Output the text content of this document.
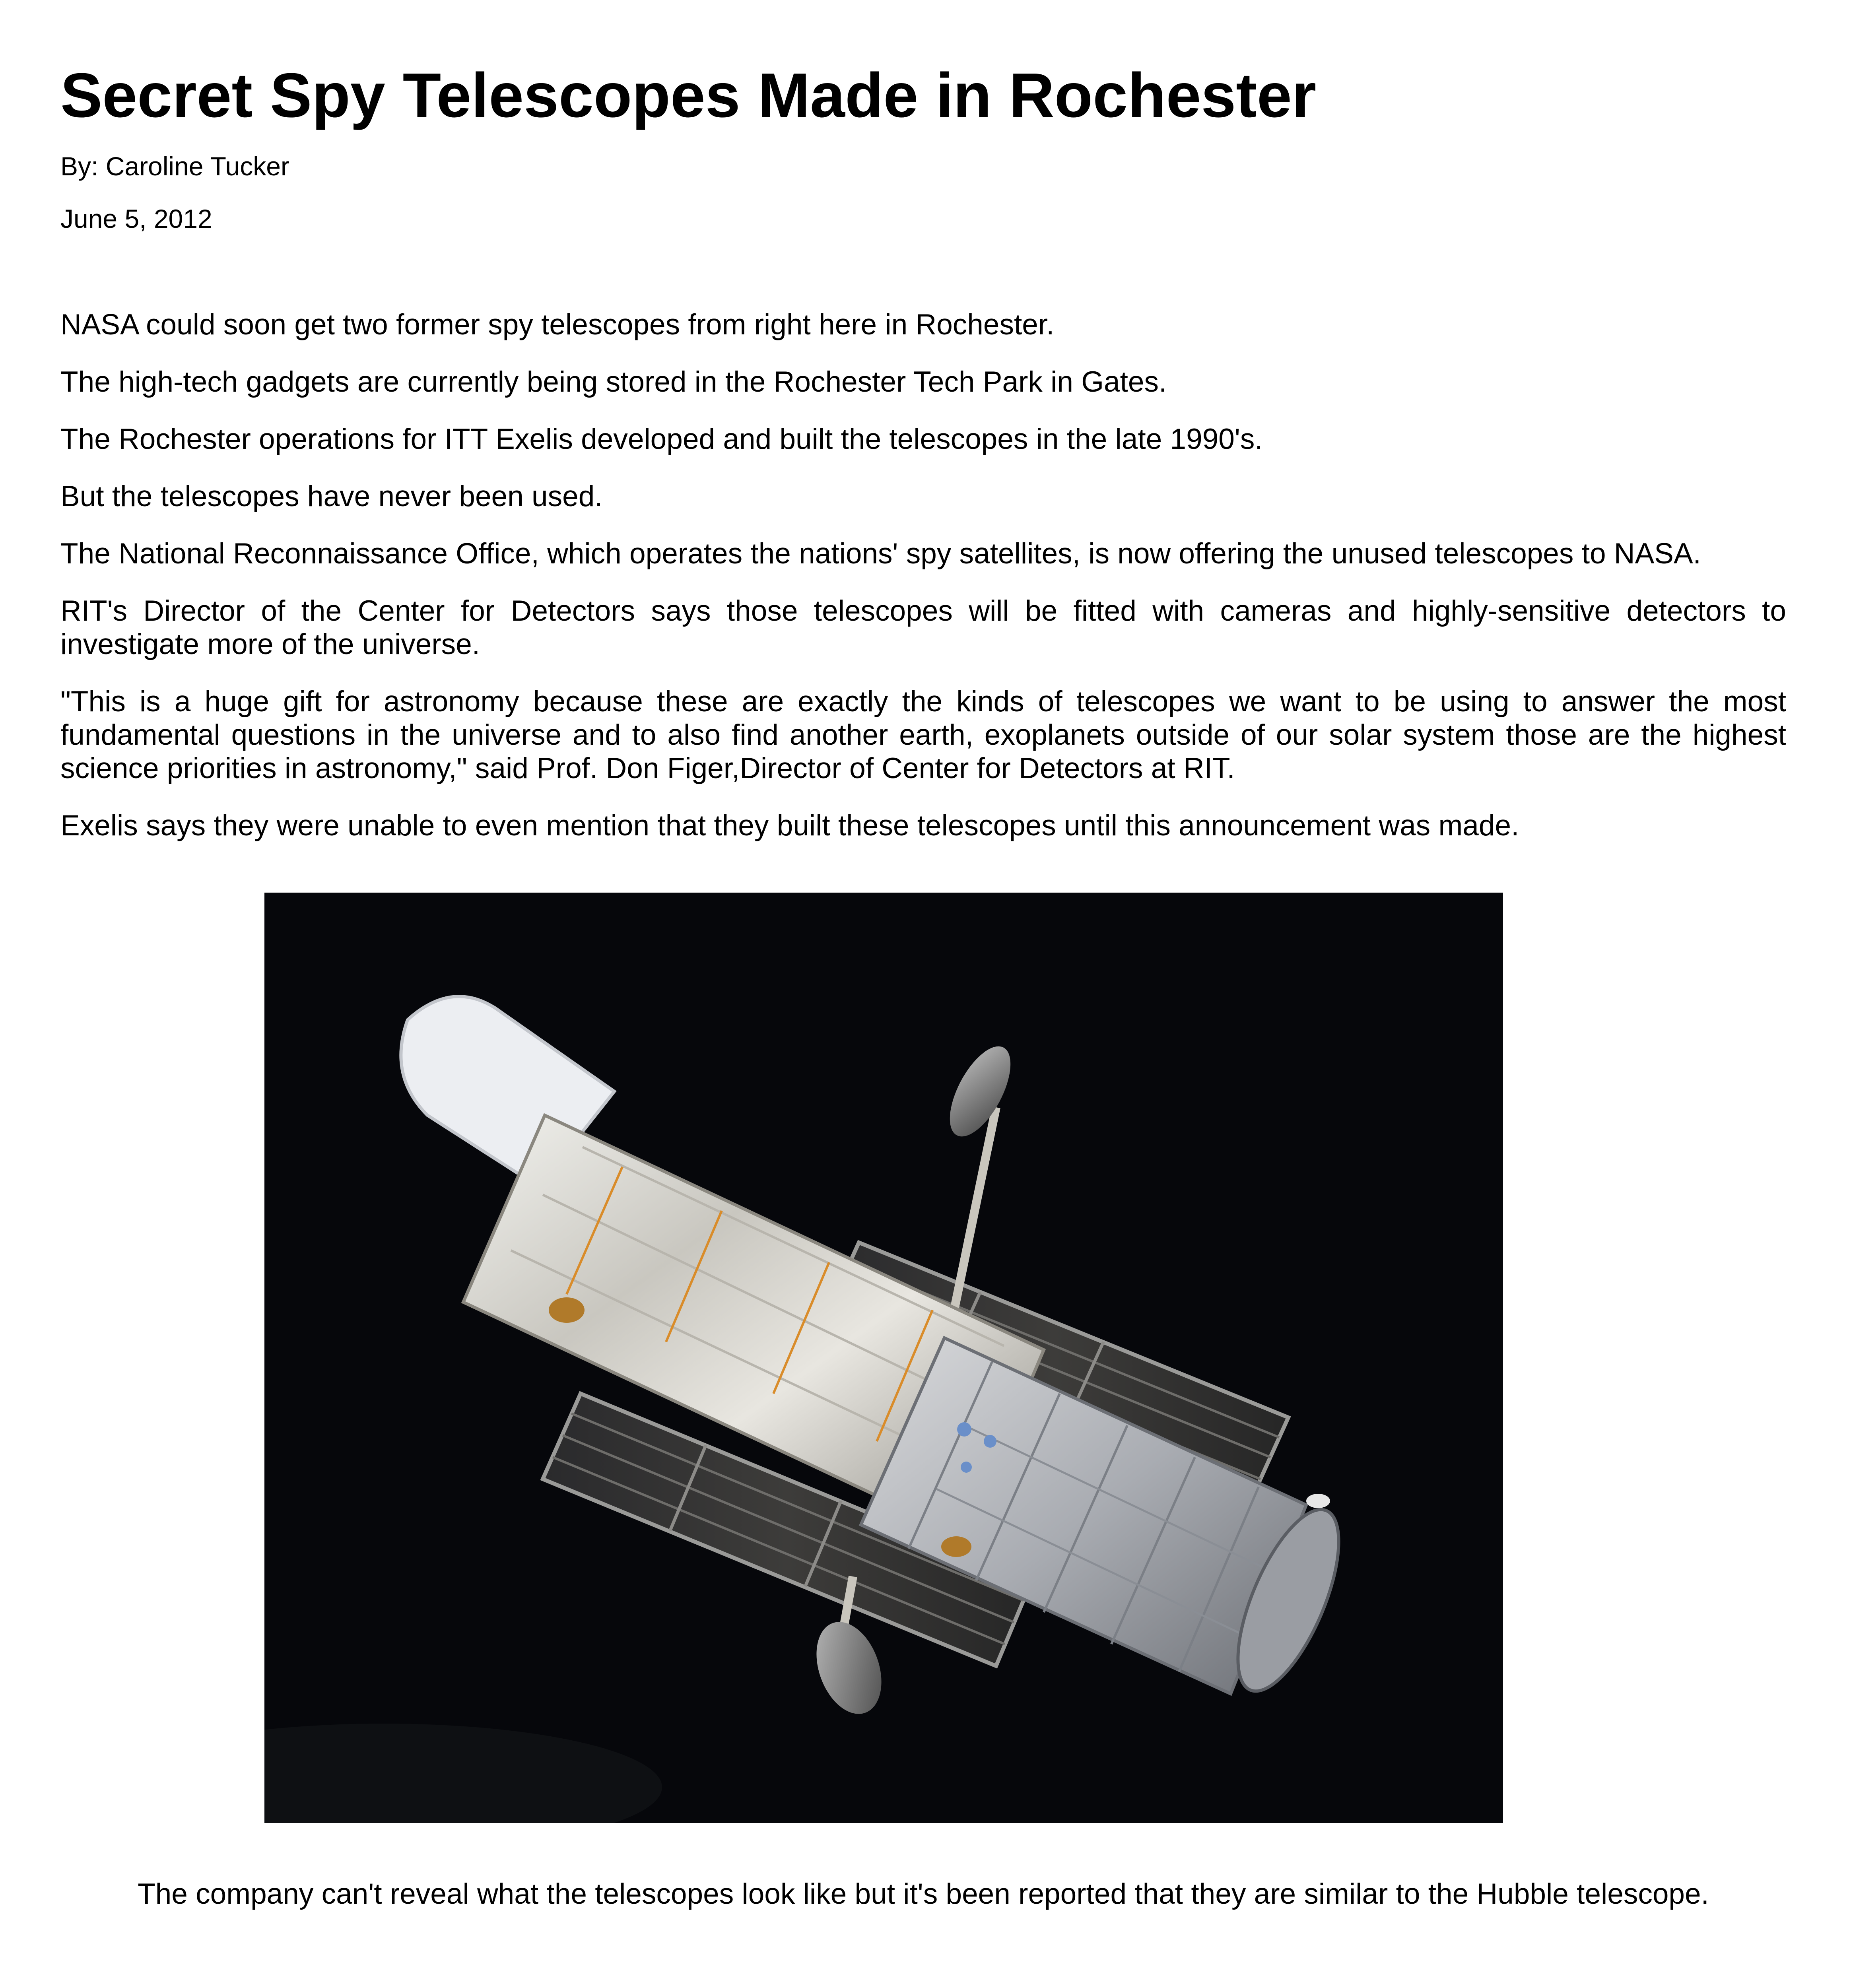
Secret Spy Telescopes Made in Rochester
By: Caroline Tucker
June 5, 2012

NASA could soon get two former spy telescopes from right here in Rochester.

The high-tech gadgets are currently being stored in the Rochester Tech Park in Gates.

The Rochester operations for ITT Exelis developed and built the telescopes in the late 1990's.

But the telescopes have never been used.

The National Reconnaissance Office, which operates the nations' spy satellites, is now offering the unused telescopes to NASA.

RIT's Director of the Center for Detectors says those telescopes will be fitted with cameras and highly-sensitive detectors to investigate more of the universe.

"This is a huge gift for astronomy because these are exactly the kinds of telescopes we want to be using to answer the most fundamental questions in the universe and to also find another earth, exoplanets outside of our solar system those are the highest science priorities in astronomy," said Prof. Don Figer,Director of Center for Detectors at RIT.

Exelis says they were unable to even mention that they built these telescopes until this announcement was made.

The company can't reveal what the telescopes look like but it's been reported that they are similar to the Hubble telescope.
